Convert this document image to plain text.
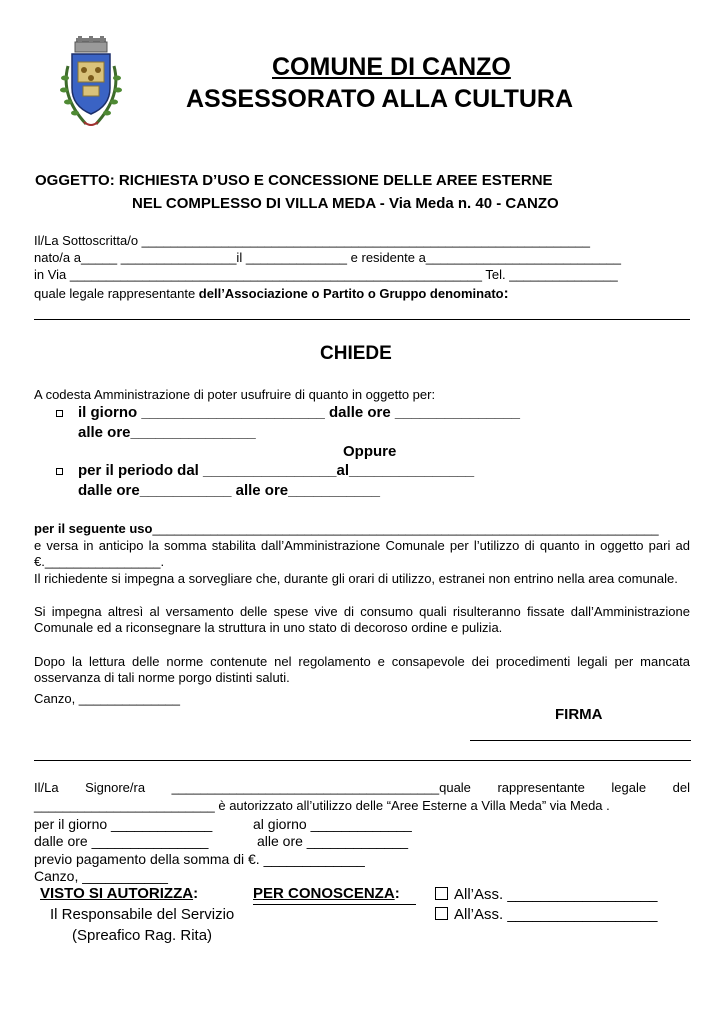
COMUNE DI CANZO
ASSESSORATO ALLA CULTURA
OGGETTO: RICHIESTA D’USO E CONCESSIONE DELLE AREE ESTERNE
NEL COMPLESSO DI VILLA MEDA - Via Meda n. 40 - CANZO
Il/La Sottoscritta/o ______________________________________________________________
nato/a a_____ ________________il ______________ e residente a___________________________
in Via _________________________________________________________ Tel. _______________
quale legale rappresentante dell’Associazione o Partito o Gruppo denominato:
CHIEDE
A codesta Amministrazione di poter usufruire di quanto in oggetto per:
il giorno ______________________ dalle ore _______________
alle ore_______________
Oppure
per il periodo dal ________________al_______________
dalle ore___________ alle ore___________
per il seguente uso______________________________________________________________________
e versa in anticipo la somma stabilita dall’Amministrazione Comunale per l’utilizzo di quanto in oggetto pari ad €.________________.
Il richiedente si impegna a sorvegliare che, durante gli orari di utilizzo, estranei non entrino nella area comunale.
Si impegna altresì al versamento delle spese vive di consumo quali risulteranno fissate dall’Amministrazione Comunale ed a riconsegnare la struttura in uno stato di decoroso ordine e pulizia.
Dopo la lettura delle norme contenute nel regolamento e consapevole dei procedimenti legali per mancata osservanza di tali norme porgo distinti saluti.
Canzo, ______________
FIRMA
Il/La Signore/ra _____________________________________quale rappresentante legale del _________________________ è autorizzato all’utilizzo delle “Aree Esterne a Villa Meda” via Meda .
per il giorno _____________	al giorno _____________
dalle ore _______________	alle ore _____________
previo pagamento della somma di €. _____________
Canzo, ___________
VISTO SI AUTORIZZA:	PER CONOSCENZA:	All’Ass. __________________
All’Ass. __________________
Il Responsabile del Servizio
(Spreafico Rag. Rita)
